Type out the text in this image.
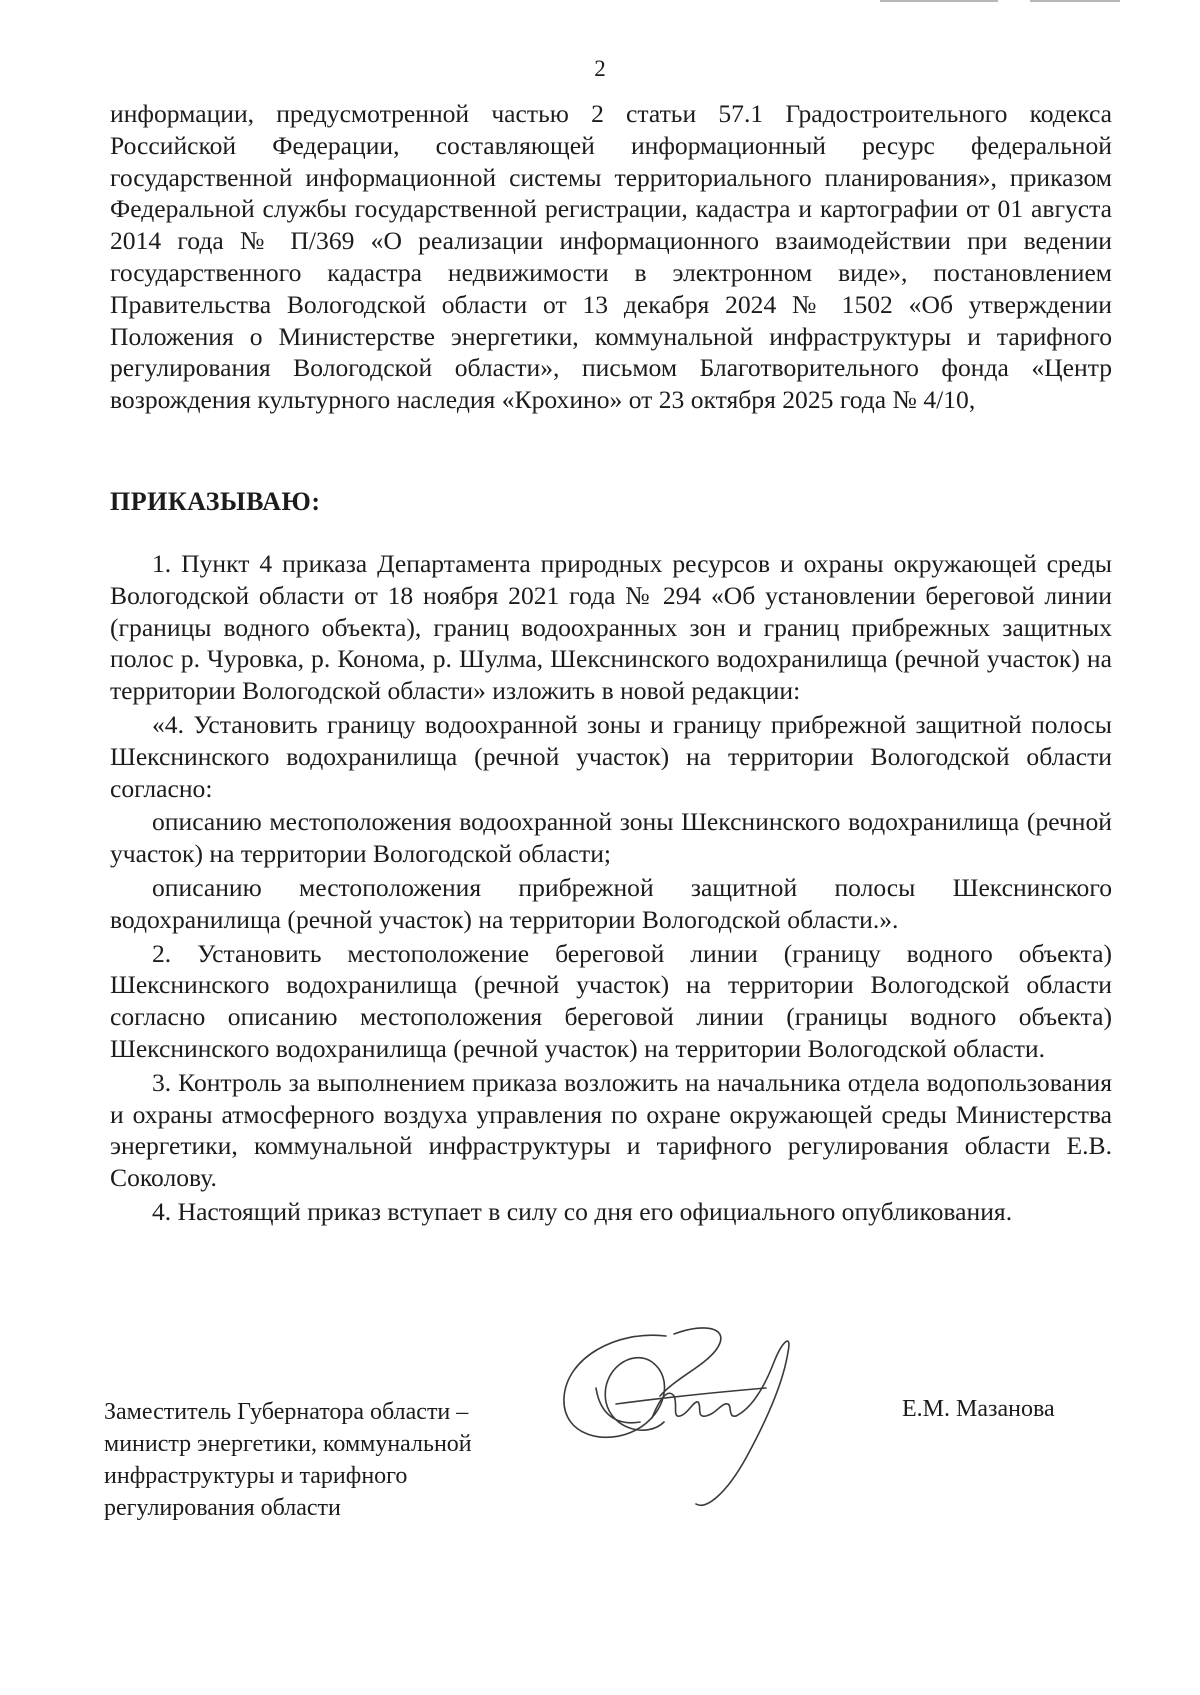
2

информации, предусмотренной частью 2 статьи 57.1 Градостроительного кодекса Российской Федерации, составляющей информационный ресурс федеральной государственной информационной системы территориального планирования», приказом Федеральной службы государственной регистрации, кадастра и картографии от 01 августа 2014 года № П/369 «О реализации информационного взаимодействии при ведении государственного кадастра недвижимости в электронном виде», постановлением Правительства Вологодской области от 13 декабря 2024 № 1502 «Об утверждении Положения о Министерстве энергетики, коммунальной инфраструктуры и тарифного регулирования Вологодской области», письмом Благотворительного фонда «Центр возрождения культурного наследия «Крохино» от 23 октября 2025 года № 4/10,

ПРИКАЗЫВАЮ:

1. Пункт 4 приказа Департамента природных ресурсов и охраны окружающей среды Вологодской области от 18 ноября 2021 года № 294 «Об установлении береговой линии (границы водного объекта), границ водоохранных зон и границ прибрежных защитных полос р. Чуровка, р. Конома, р. Шулма, Шекснинского водохранилища (речной участок) на территории Вологодской области» изложить в новой редакции:

«4. Установить границу водоохранной зоны и границу прибрежной защитной полосы Шекснинского водохранилища (речной участок) на территории Вологодской области согласно:

описанию местоположения водоохранной зоны Шекснинского водохранилища (речной участок) на территории Вологодской области;

описанию местоположения прибрежной защитной полосы Шекснинского водохранилища (речной участок) на территории Вологодской области.».

2. Установить местоположение береговой линии (границу водного объекта) Шекснинского водохранилища (речной участок) на территории Вологодской области согласно описанию местоположения береговой линии (границы водного объекта) Шекснинского водохранилища (речной участок) на территории Вологодской области.

3. Контроль за выполнением приказа возложить на начальника отдела водопользования и охраны атмосферного воздуха управления по охране окружающей среды Министерства энергетики, коммунальной инфраструктуры и тарифного регулирования области Е.В. Соколову.

4. Настоящий приказ вступает в силу со дня его официального опубликования.

Заместитель Губернатора области –
министр энергетики, коммунальной
инфраструктуры и тарифного
регулирования области
Е.М. Мазанова
